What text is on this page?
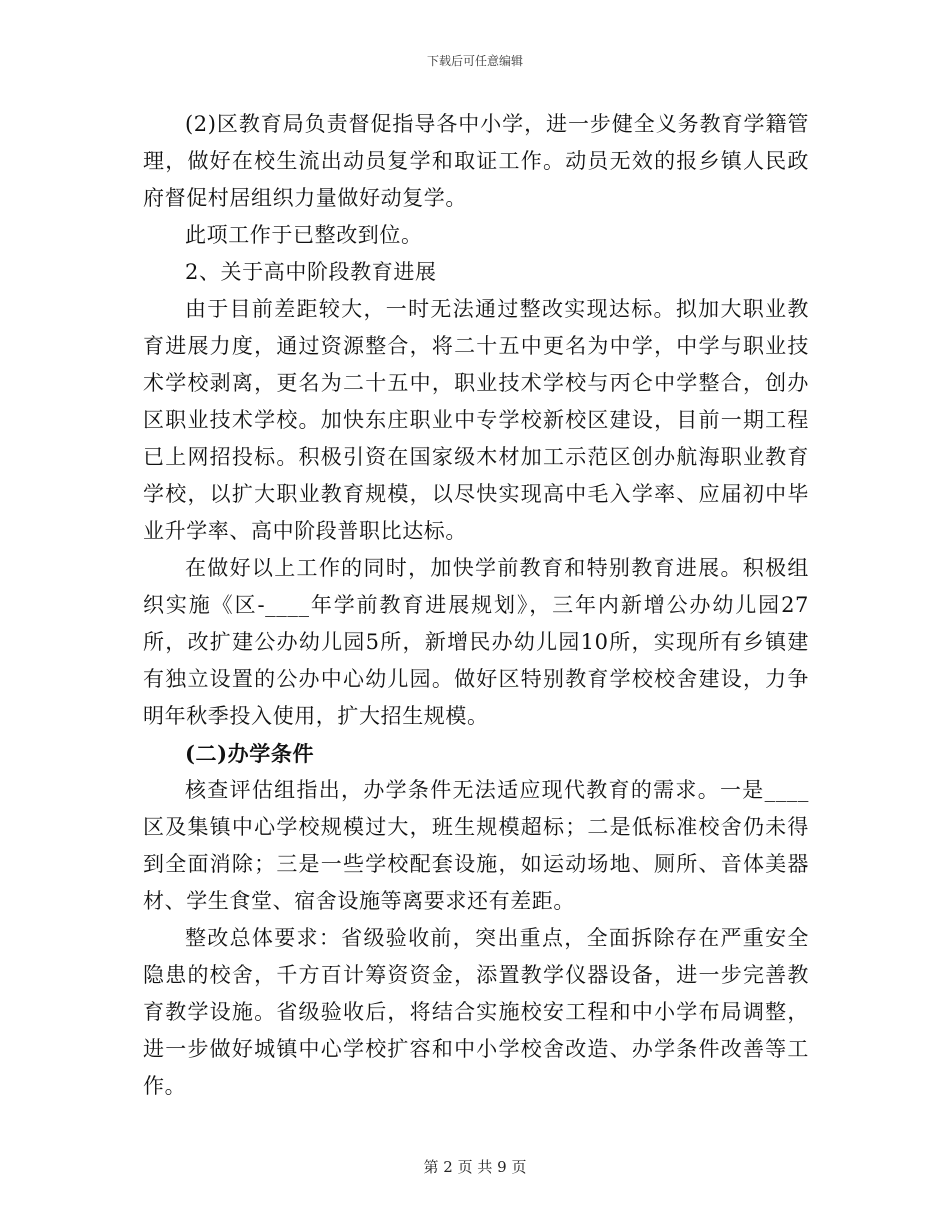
下载后可任意编辑

(2)区教育局负责督促指导各中小学，进一步健全义务教育学籍管理，做好在校生流出动员复学和取证工作。动员无效的报乡镇人民政府督促村居组织力量做好动复学。

此项工作于已整改到位。

2、关于高中阶段教育进展

由于目前差距较大，一时无法通过整改实现达标。拟加大职业教育进展力度，通过资源整合，将二十五中更名为中学，中学与职业技术学校剥离，更名为二十五中，职业技术学校与丙仑中学整合，创办区职业技术学校。加快东庄职业中专学校新校区建设，目前一期工程已上网招投标。积极引资在国家级木材加工示范区创办航海职业教育学校，以扩大职业教育规模，以尽快实现高中毛入学率、应届初中毕业升学率、高中阶段普职比达标。

在做好以上工作的同时，加快学前教育和特别教育进展。积极组织实施《区-____年学前教育进展规划》，三年内新增公办幼儿园27所，改扩建公办幼儿园5所，新增民办幼儿园10所，实现所有乡镇建有独立设置的公办中心幼儿园。做好区特别教育学校校舍建设，力争明年秋季投入使用，扩大招生规模。

(二)办学条件

核查评估组指出，办学条件无法适应现代教育的需求。一是____区及集镇中心学校规模过大，班生规模超标；二是低标准校舍仍未得到全面消除；三是一些学校配套设施，如运动场地、厕所、音体美器材、学生食堂、宿舍设施等离要求还有差距。

整改总体要求：省级验收前，突出重点，全面拆除存在严重安全隐患的校舍，千方百计筹资资金，添置教学仪器设备，进一步完善教育教学设施。省级验收后，将结合实施校安工程和中小学布局调整，进一步做好城镇中心学校扩容和中小学校舍改造、办学条件改善等工作。

第 2 页 共 9 页
